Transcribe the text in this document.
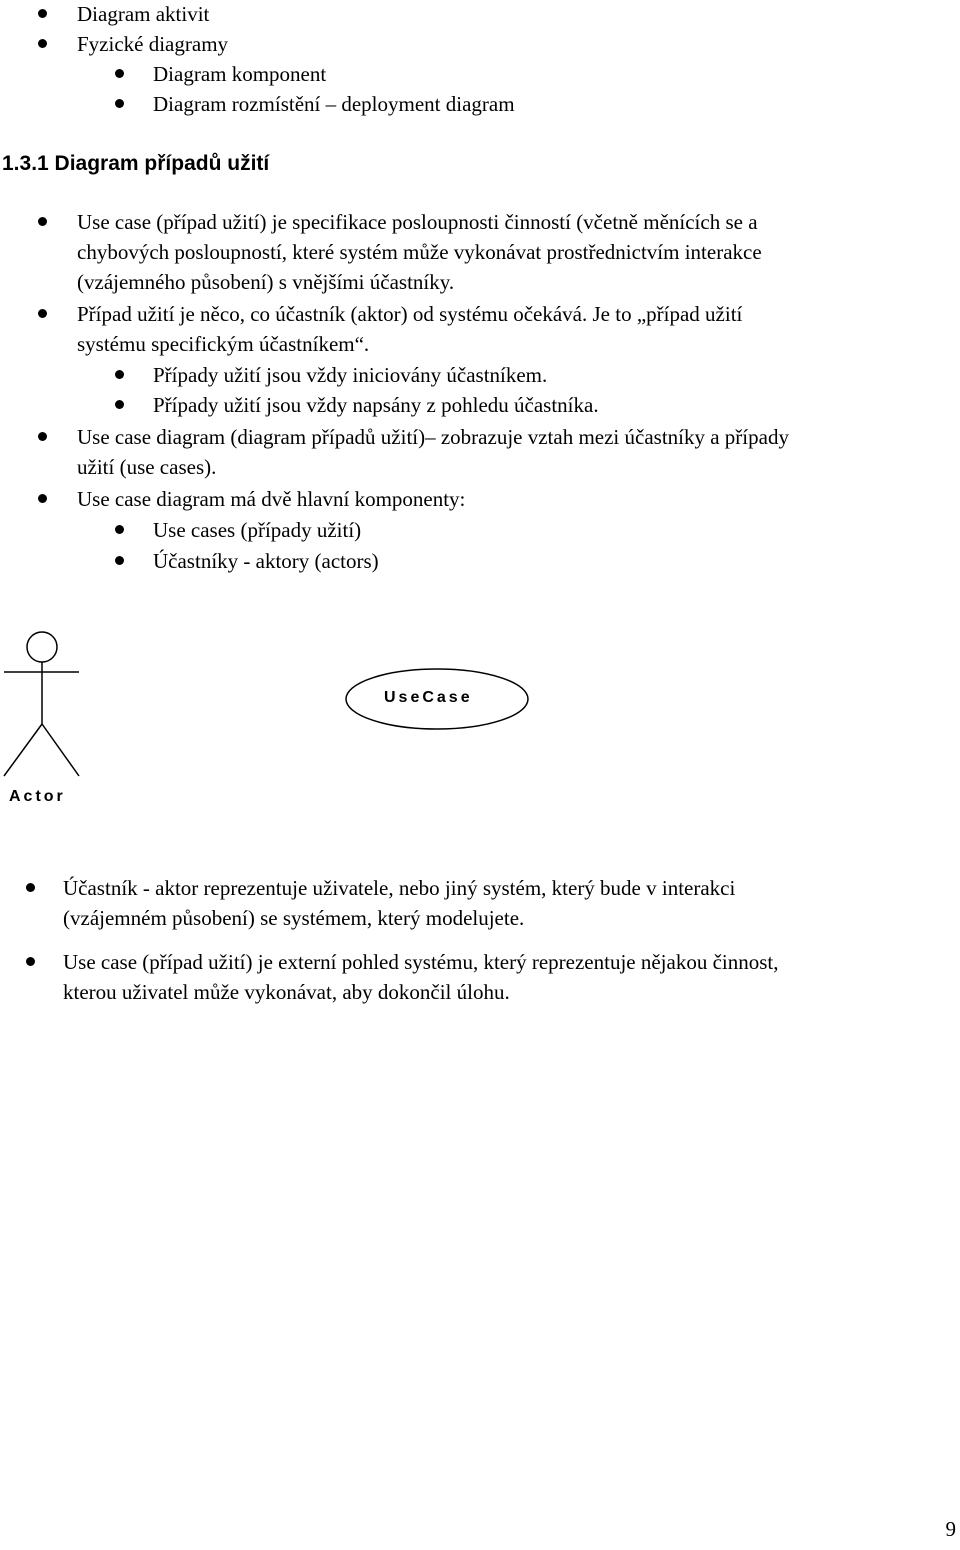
Diagram aktivit
Fyzické diagramy
Diagram komponent
Diagram rozmístění – deployment diagram
1.3.1 Diagram případů užití
Use case (případ užití) je specifikace posloupnosti činností (včetně měnících se a
chybových posloupností, které systém může vykonávat prostřednictvím interakce
(vzájemného působení) s vnějšími účastníky.
Případ užití je něco, co účastník (aktor) od systému očekává. Je to „případ užití
systému specifickým účastníkem“.
Případy užití jsou vždy iniciovány účastníkem.
Případy užití jsou vždy napsány z pohledu účastníka.
Use case diagram (diagram případů užití)– zobrazuje vztah mezi účastníky a případy
užití (use cases).
Use case diagram má dvě hlavní komponenty:
Use cases (případy užití)
Účastníky - aktory (actors)
UseCase
Actor
Účastník - aktor reprezentuje uživatele, nebo jiný systém, který bude v interakci
(vzájemném působení) se systémem, který modelujete.
Use case (případ užití) je externí pohled systému, který reprezentuje nějakou činnost,
kterou uživatel může vykonávat, aby dokončil úlohu.
9
